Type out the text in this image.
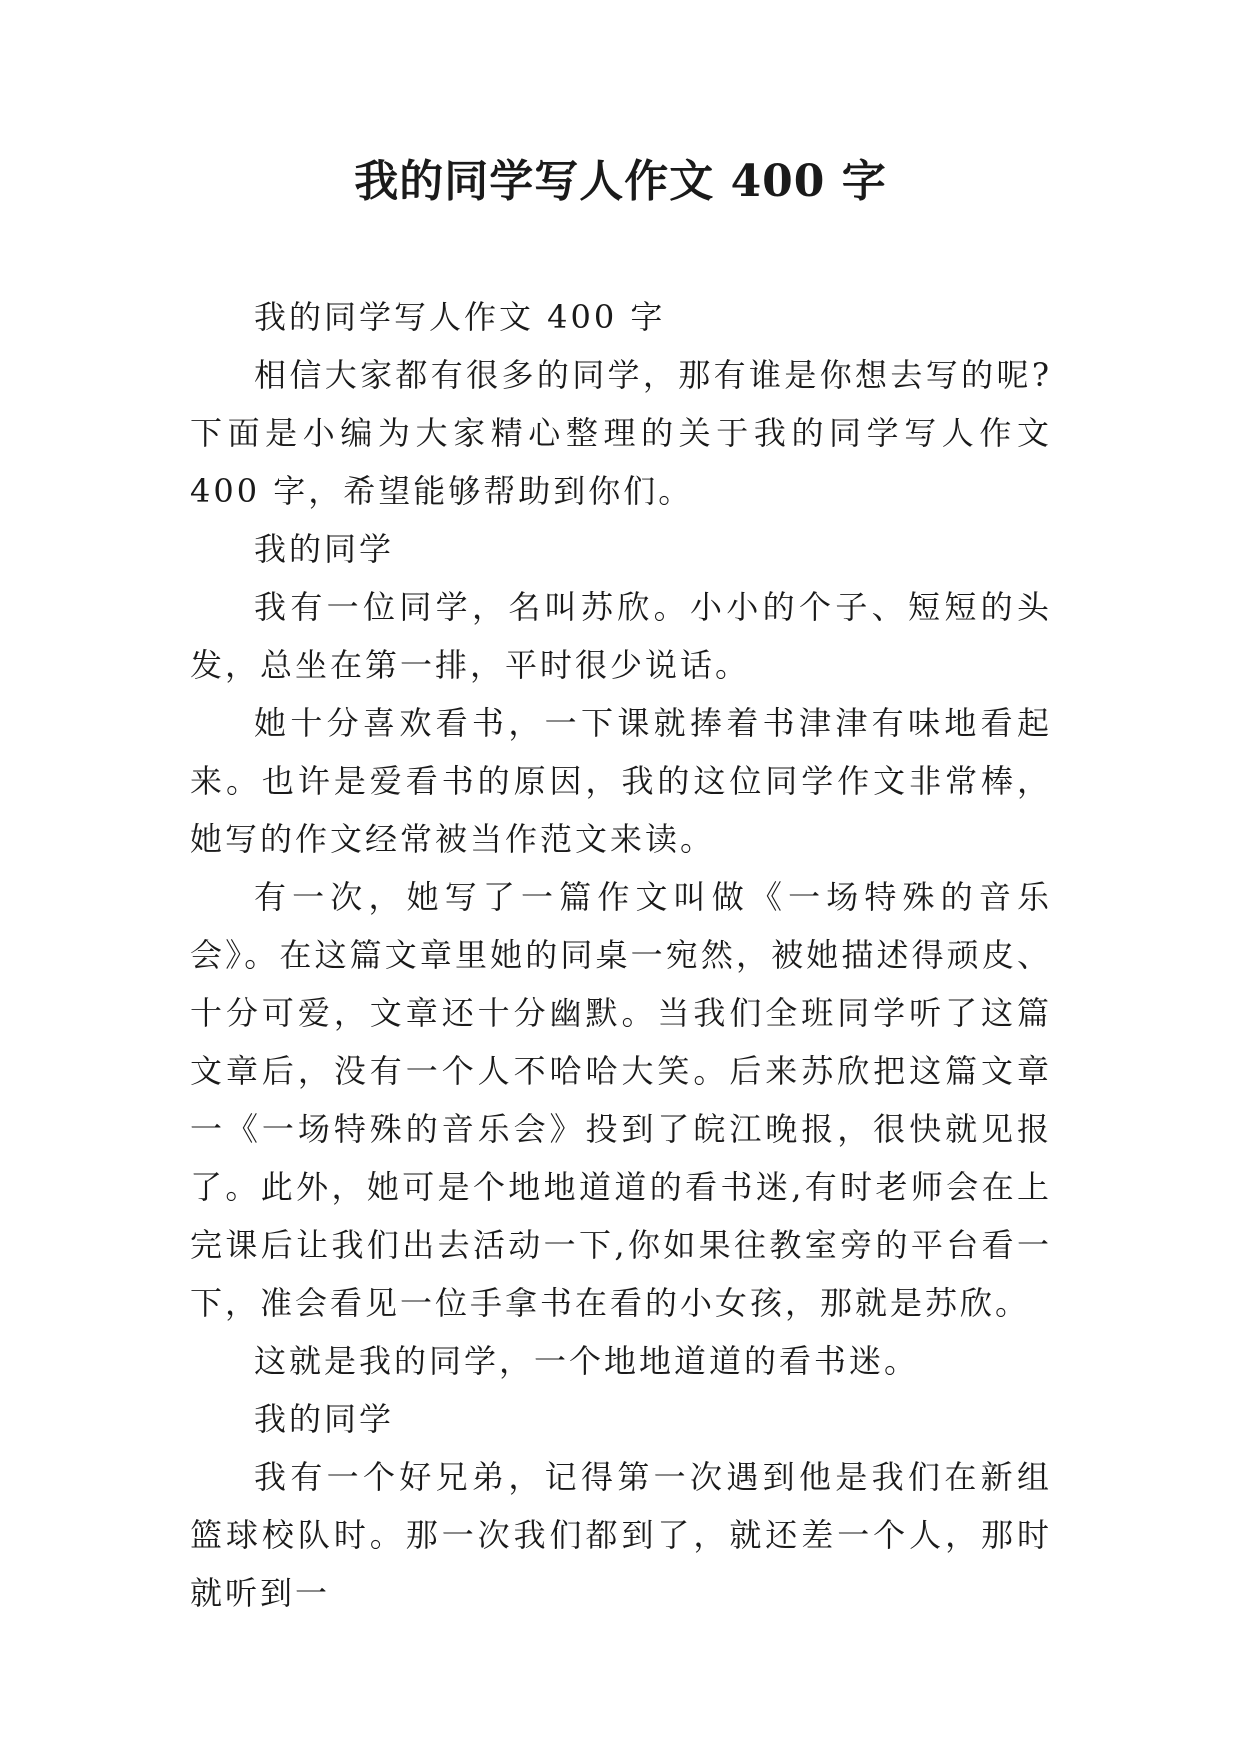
我的同学写人作文 400 字

我的同学写人作文 400 字

相信大家都有很多的同学，那有谁是你想去写的呢?下面是小编为大家精心整理的关于我的同学写人作文 400 字，希望能够帮助到你们。

我的同学

我有一位同学，名叫苏欣。小小的个子、短短的头发，总坐在第一排，平时很少说话。

她十分喜欢看书，一下课就捧着书津津有味地看起来。也许是爱看书的原因，我的这位同学作文非常棒，她写的作文经常被当作范文来读。

有一次，她写了一篇作文叫做《一场特殊的音乐会》。在这篇文章里她的同桌一宛然，被她描述得顽皮、十分可爱，文章还十分幽默。当我们全班同学听了这篇文章后，没有一个人不哈哈大笑。后来苏欣把这篇文章一《一场特殊的音乐会》投到了皖江晚报，很快就见报了。此外，她可是个地地道道的看书迷,有时老师会在上完课后让我们出去活动一下,你如果往教室旁的平台看一下，准会看见一位手拿书在看的小女孩，那就是苏欣。

这就是我的同学，一个地地道道的看书迷。

我的同学

我有一个好兄弟，记得第一次遇到他是我们在新组篮球校队时。那一次我们都到了，就还差一个人，那时就听到一
